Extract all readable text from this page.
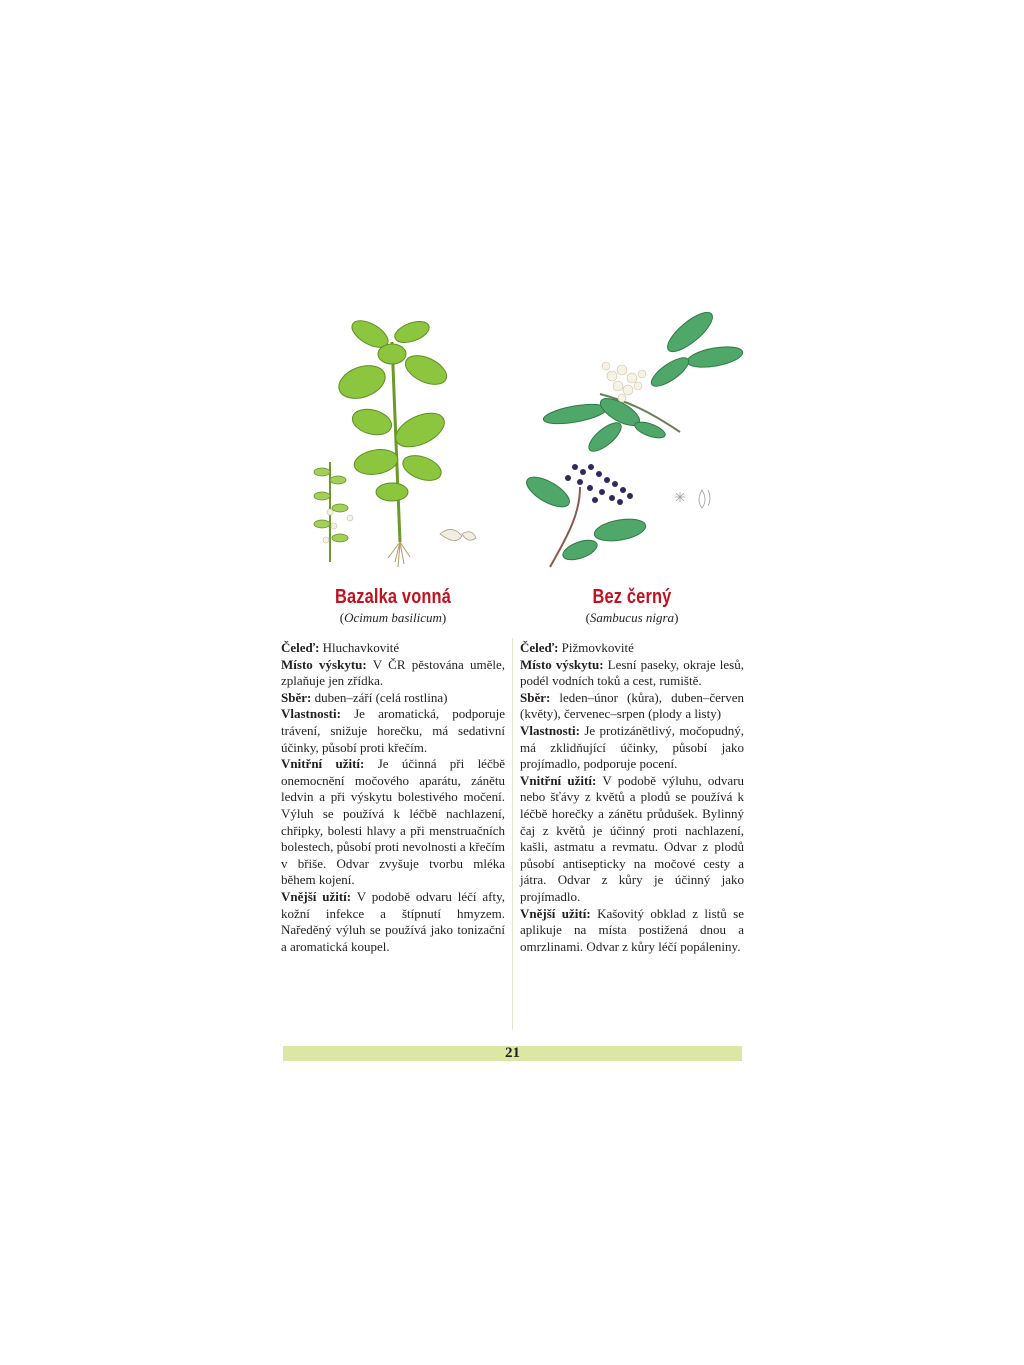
Bazalka vonná
(Ocimum basilicum)

Čeleď: Hluchavkovité

Místo výskytu: V ČR pěstována uměle, zplaňuje jen zřídka.

Sběr: duben–září (celá rostlina)

Vlastnosti: Je aromatická, podporuje trávení, snižuje horečku, má sedativní účinky, působí proti křečím.

Vnitřní užití: Je účinná při léčbě onemocnění močového aparátu, zánětu ledvin a při výskytu bolestivého močení. Výluh se používá k léčbě nachlazení, chřipky, bolesti hlavy a při menstruačních bolestech, působí proti nevolnosti a křečím v břiše. Odvar zvyšuje tvorbu mléka během kojení.

Vnější užití: V podobě odvaru léčí afty, kožní infekce a štípnutí hmyzem. Naředěný výluh se používá jako tonizační a aromatická koupel.

Bez černý
(Sambucus nigra)

Čeleď: Pižmovkovité

Místo výskytu: Lesní paseky, okraje lesů, podél vodních toků a cest, rumiště.

Sběr: leden–únor (kůra), duben–červen (květy), červenec–srpen (plody a listy)

Vlastnosti: Je protizánětlivý, močopudný, má zklidňující účinky, působí jako projímadlo, podporuje pocení.

Vnitřní užití: V podobě výluhu, odvaru nebo šťávy z květů a plodů se používá k léčbě horečky a zánětu průdušek. Bylinný čaj z květů je účinný proti nachlazení, kašli, astmatu a revmatu. Odvar z plodů působí antisepticky na močové cesty a játra. Odvar z kůry je účinný jako projímadlo.

Vnější užití: Kašovitý obklad z listů se aplikuje na místa postižená dnou a omrzlinami. Odvar z kůry léčí popáleniny.

21
